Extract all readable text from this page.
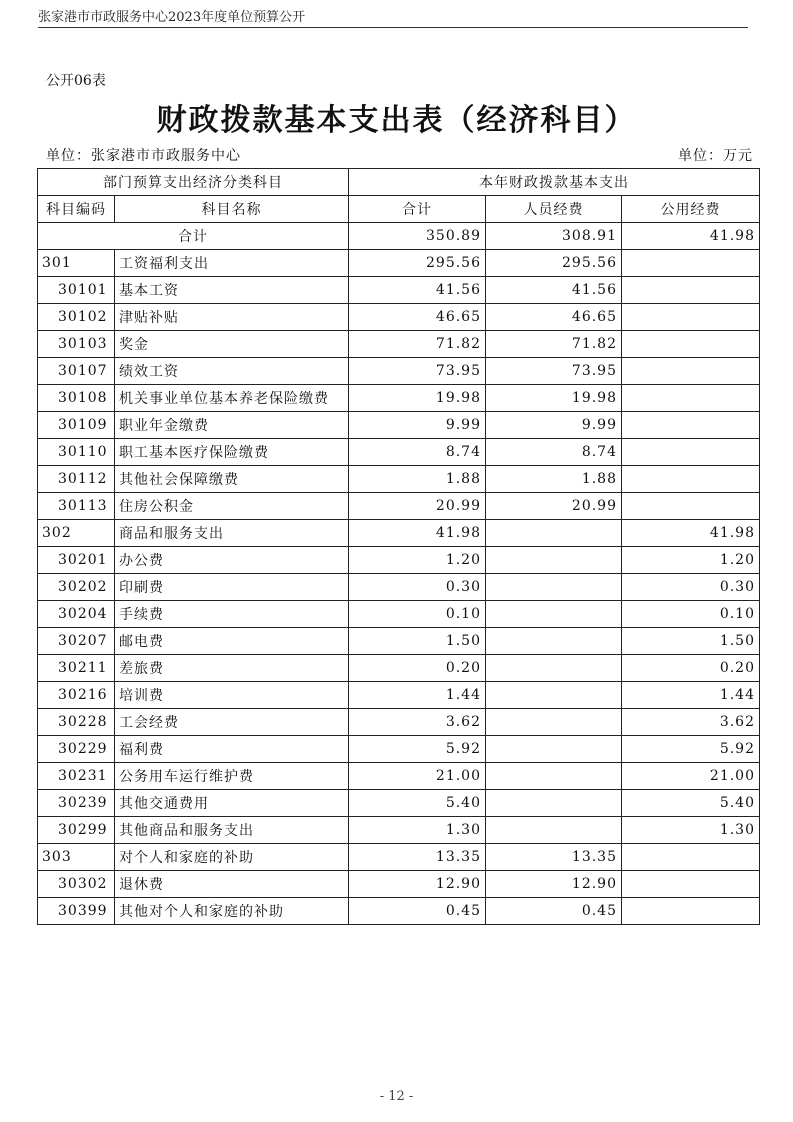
张家港市市政服务中心2023年度单位预算公开
公开06表
财政拨款基本支出表（经济科目）
单位：张家港市市政服务中心	单位：万元
部门预算支出经济分类科目		本年财政拨款基本支出		
科目编码	科目名称	合计	人员经费	公用经费
合计		350.89	308.91	41.98
301	工资福利支出	295.56	295.56	
30101	基本工资	41.56	41.56	
30102	津贴补贴	46.65	46.65	
30103	奖金	71.82	71.82	
30107	绩效工资	73.95	73.95	
30108	机关事业单位基本养老保险缴费	19.98	19.98	
30109	职业年金缴费	9.99	9.99	
30110	职工基本医疗保险缴费	8.74	8.74	
30112	其他社会保障缴费	1.88	1.88	
30113	住房公积金	20.99	20.99	
302	商品和服务支出	41.98		41.98
30201	办公费	1.20		1.20
30202	印刷费	0.30		0.30
30204	手续费	0.10		0.10
30207	邮电费	1.50		1.50
30211	差旅费	0.20		0.20
30216	培训费	1.44		1.44
30228	工会经费	3.62		3.62
30229	福利费	5.92		5.92
30231	公务用车运行维护费	21.00		21.00
30239	其他交通费用	5.40		5.40
30299	其他商品和服务支出	1.30		1.30
303	对个人和家庭的补助	13.35	13.35	
30302	退休费	12.90	12.90	
30399	其他对个人和家庭的补助	0.45	0.45	
- 12 -
